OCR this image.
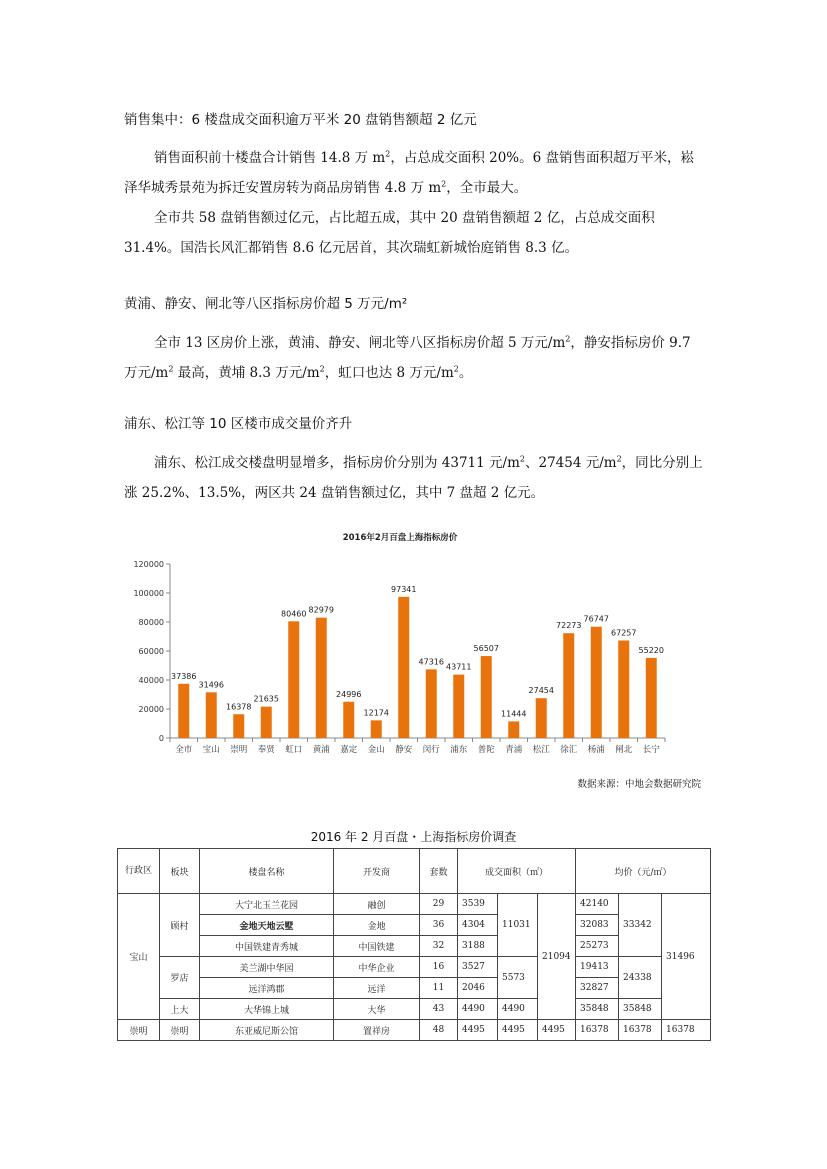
销售集中：6 楼盘成交面积逾万平米 20 盘销售额超 2 亿元
销售面积前十楼盘合计销售 14.8 万 $m^2$，占总成交面积 20%。6 盘销售面积超万平米，崧泽华城秀景苑为拆迁安置房转为商品房销售 4.8 万 $m^2$，全市最大。
全市共 58 盘销售额过亿元，占比超五成，其中 20 盘销售额超 2 亿，占总成交面积 31.4%。国浩长风汇都销售 8.6 亿元居首，其次瑞虹新城怡庭销售 8.3 亿。
黄浦、静安、闸北等八区指标房价超 5 万元/m²
全市 13 区房价上涨，黄浦、静安、闸北等八区指标房价超 5 万元$/m^2$，静安指标房价 9.7 万元$/m^2$ 最高，黄埔 8.3 万元$/m^2$，虹口也达 8 万元$/m^2$。
浦东、松江等 10 区楼市成交量价齐升
浦东、松江成交楼盘明显增多，指标房价分别为 43711 元$/m^2$、27454 元$/m^2$，同比分别上涨 25.2%、13.5%，两区共 24 盘销售额过亿，其中 7 盘超 2 亿元。
2016年2月百盘上海指标房价
0
20000
40000
60000
80000
100000
120000
全市
37386
宝山
31496
崇明
16378
奉贤
21635
虹口
80460
黄浦
82979
嘉定
24996
金山
12174
静安
97341
闵行
47316
浦东
43711
普陀
56507
青浦
11444
松江
27454
徐汇
72273
杨浦
76747
闸北
67257
长宁
55220
数据来源：中地会数据研究院
2016 年 2 月百盘・上海指标房价调查
行政区	板块	楼盘名称	开发商	套数	成交面积（㎡）			均价（元/㎡）		
宝山	顾村	大宁北玉兰花园	融创	29	3539	11031	21094	42140	33342	31496
		金地天地云墅	金地	36	4304			32083		
		中国铁建青秀城	中国铁建	32	3188			25273		
	罗店	美兰湖中华园	中华企业	16	3527	5573		19413	24338	
		远洋鸿郡	远洋	11	2046			32827		
	上大	大华锦上城	大华	43	4490	4490		35848	35848	
崇明	崇明	东亚威尼斯公馆	置祥房	48	4495	4495	4495	16378	16378	16378
